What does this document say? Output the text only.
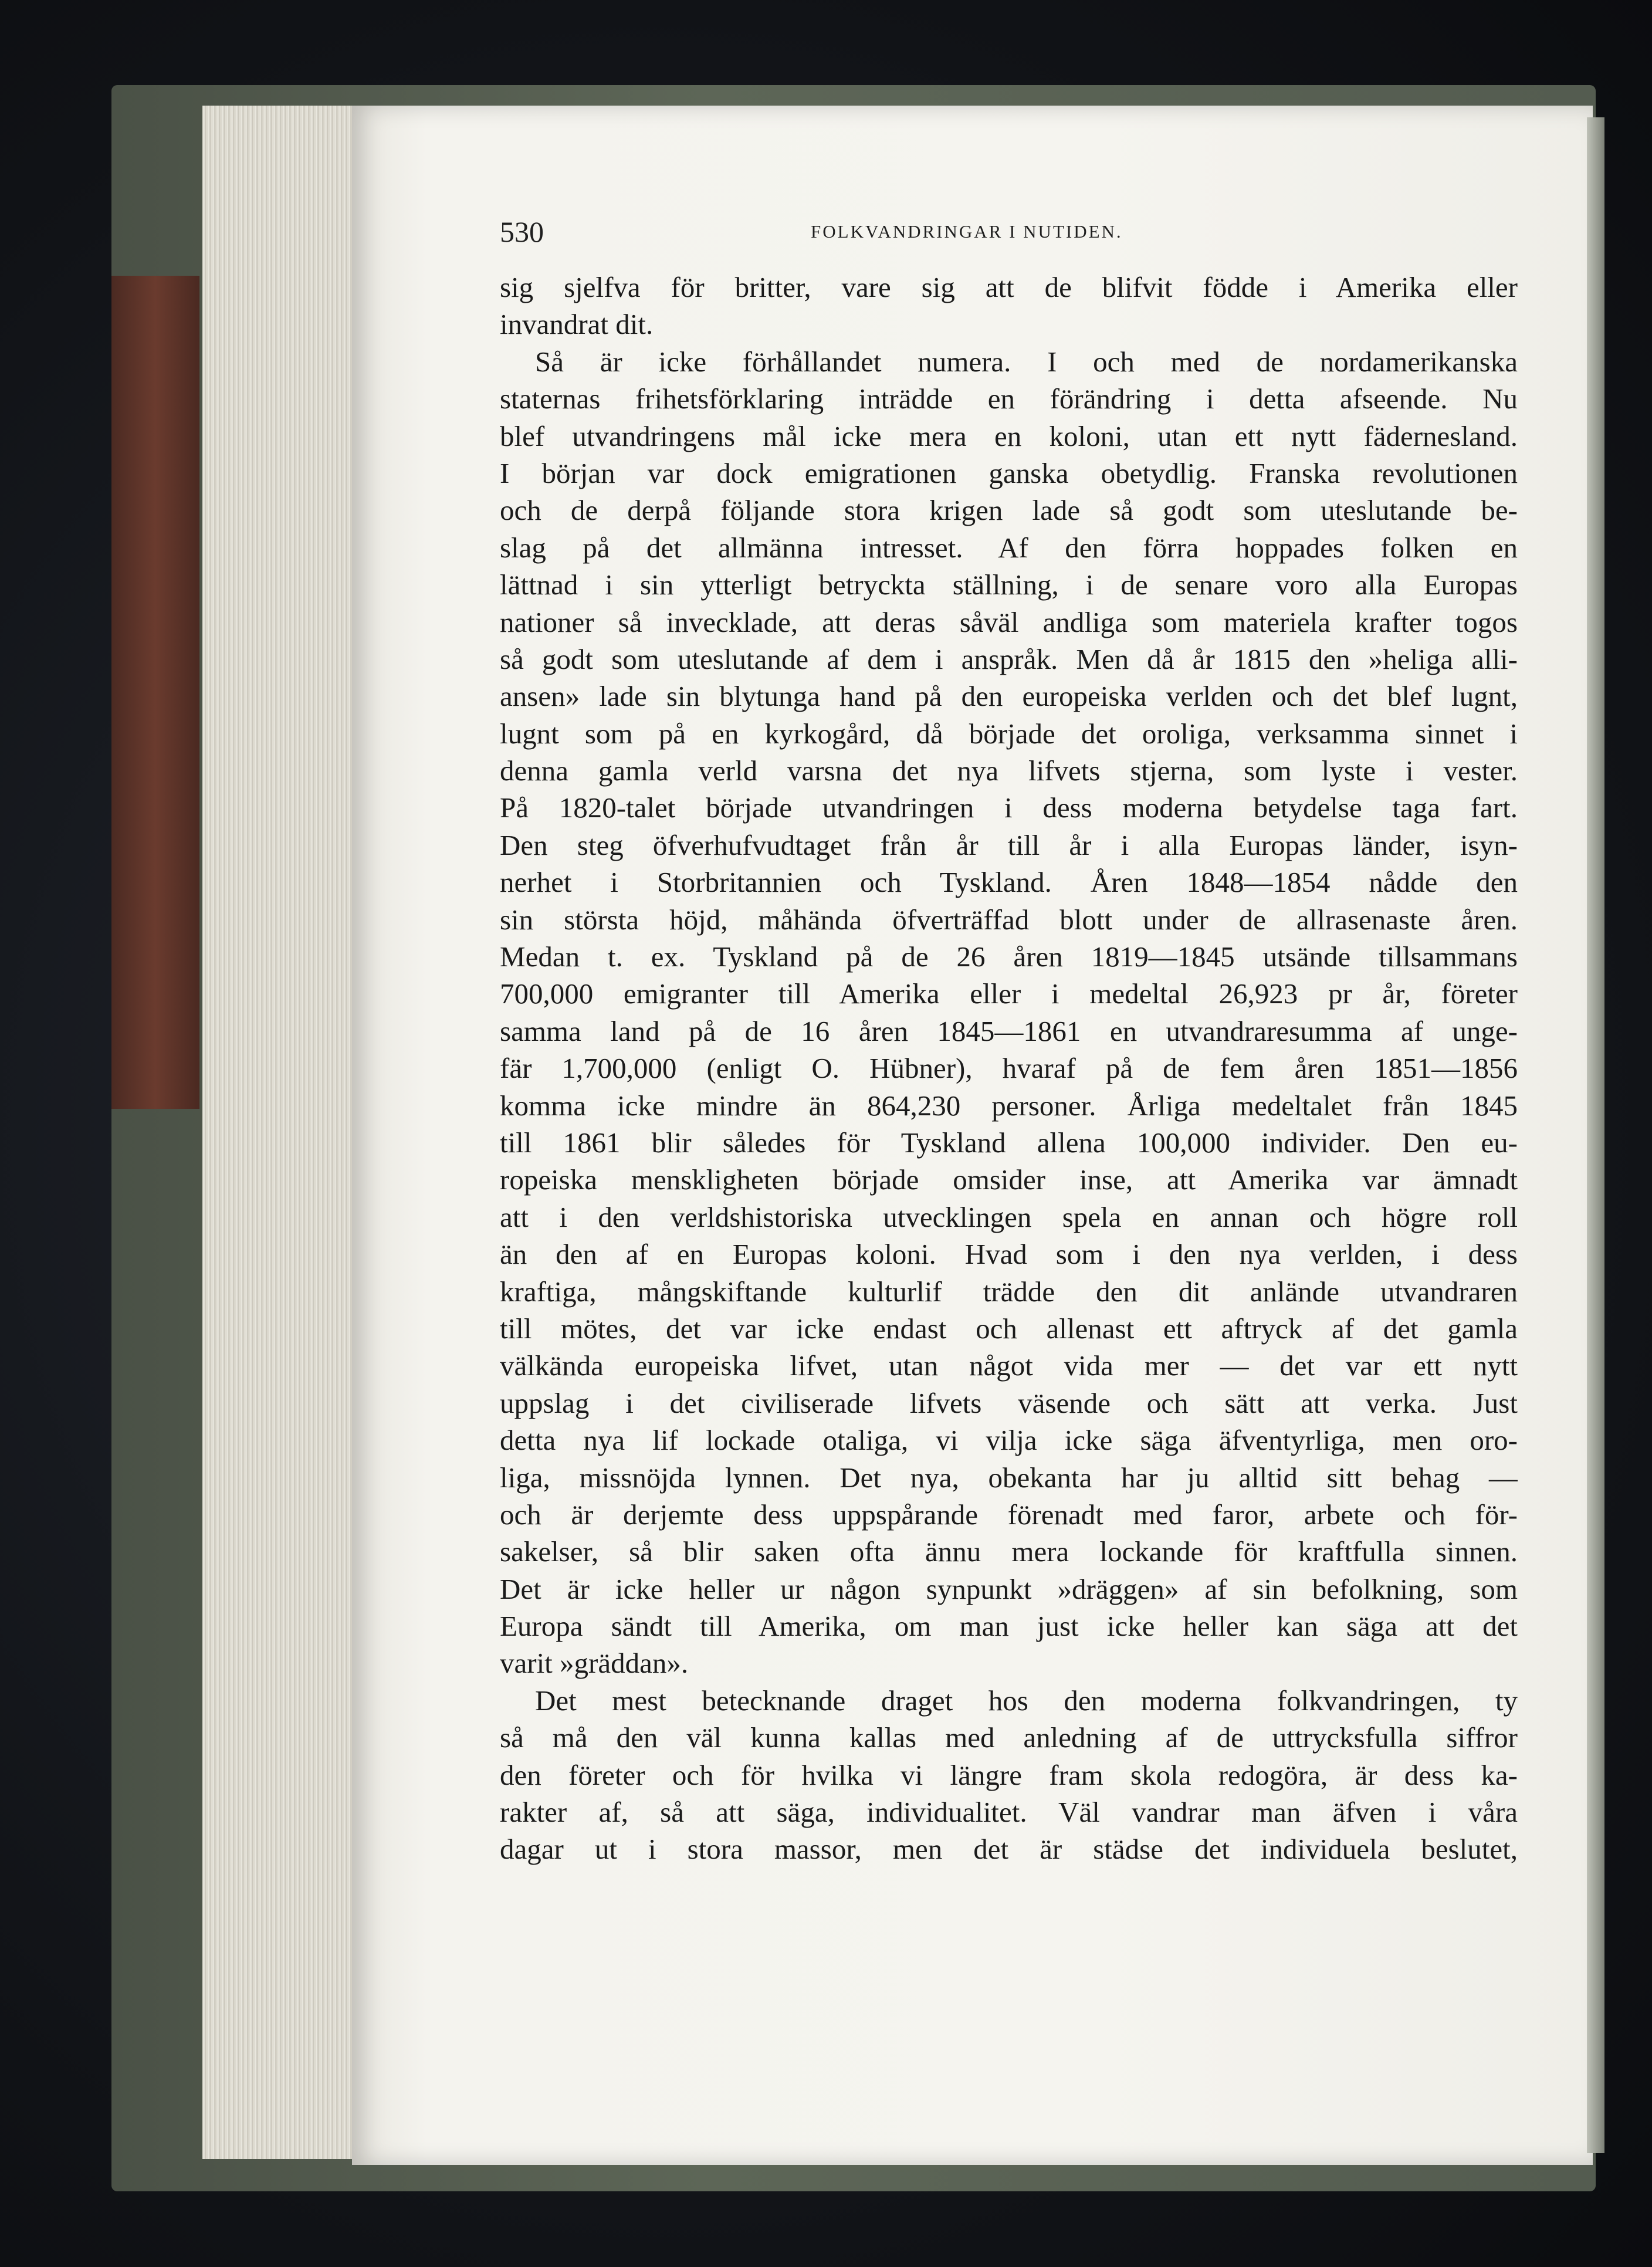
530	FOLKVANDRINGAR I NUTIDEN.
sig sjelfva för britter, vare sig att de blifvit födde i Amerika eller
invandrat dit.
Så är icke förhållandet numera. I och med de nordamerikanska
staternas frihetsförklaring inträdde en förändring i detta afseende. Nu
blef utvandringens mål icke mera en koloni, utan ett nytt fädernesland.
I början var dock emigrationen ganska obetydlig. Franska revolutionen
och de derpå följande stora krigen lade så godt som uteslutande be-
slag på det allmänna intresset. Af den förra hoppades folken en
lättnad i sin ytterligt betryckta ställning, i de senare voro alla Europas
nationer så invecklade, att deras såväl andliga som materiela krafter togos
så godt som uteslutande af dem i anspråk. Men då år 1815 den »heliga alli-
ansen» lade sin blytunga hand på den europeiska verlden och det blef lugnt,
lugnt som på en kyrkogård, då började det oroliga, verksamma sinnet i
denna gamla verld varsna det nya lifvets stjerna, som lyste i vester.
På 1820-talet började utvandringen i dess moderna betydelse taga fart.
Den steg öfverhufvudtaget från år till år i alla Europas länder, isyn-
nerhet i Storbritannien och Tyskland. Åren 1848—1854 nådde den
sin största höjd, måhända öfverträffad blott under de allrasenaste åren.
Medan t. ex. Tyskland på de 26 åren 1819—1845 utsände tillsammans
700,000 emigranter till Amerika eller i medeltal 26,923 pr år, företer
samma land på de 16 åren 1845—1861 en utvandraresumma af unge-
fär 1,700,000 (enligt O. Hübner), hvaraf på de fem åren 1851—1856
komma icke mindre än 864,230 personer. Årliga medeltalet från 1845
till 1861 blir således för Tyskland allena 100,000 individer. Den eu-
ropeiska menskligheten började omsider inse, att Amerika var ämnadt
att i den verldshistoriska utvecklingen spela en annan och högre roll
än den af en Europas koloni. Hvad som i den nya verlden, i dess
kraftiga, mångskiftande kulturlif trädde den dit anlände utvandraren
till mötes, det var icke endast och allenast ett aftryck af det gamla
välkända europeiska lifvet, utan något vida mer — det var ett nytt
uppslag i det civiliserade lifvets väsende och sätt att verka. Just
detta nya lif lockade otaliga, vi vilja icke säga äfventyrliga, men oro-
liga, missnöjda lynnen. Det nya, obekanta har ju alltid sitt behag —
och är derjemte dess uppspårande förenadt med faror, arbete och för-
sakelser, så blir saken ofta ännu mera lockande för kraftfulla sinnen.
Det är icke heller ur någon synpunkt »dräggen» af sin befolkning, som
Europa sändt till Amerika, om man just icke heller kan säga att det
varit »gräddan».
Det mest betecknande draget hos den moderna folkvandringen, ty
så må den väl kunna kallas med anledning af de uttrycksfulla siffror
den företer och för hvilka vi längre fram skola redogöra, är dess ka-
rakter af, så att säga, individualitet. Väl vandrar man äfven i våra
dagar ut i stora massor, men det är städse det individuela beslutet,
